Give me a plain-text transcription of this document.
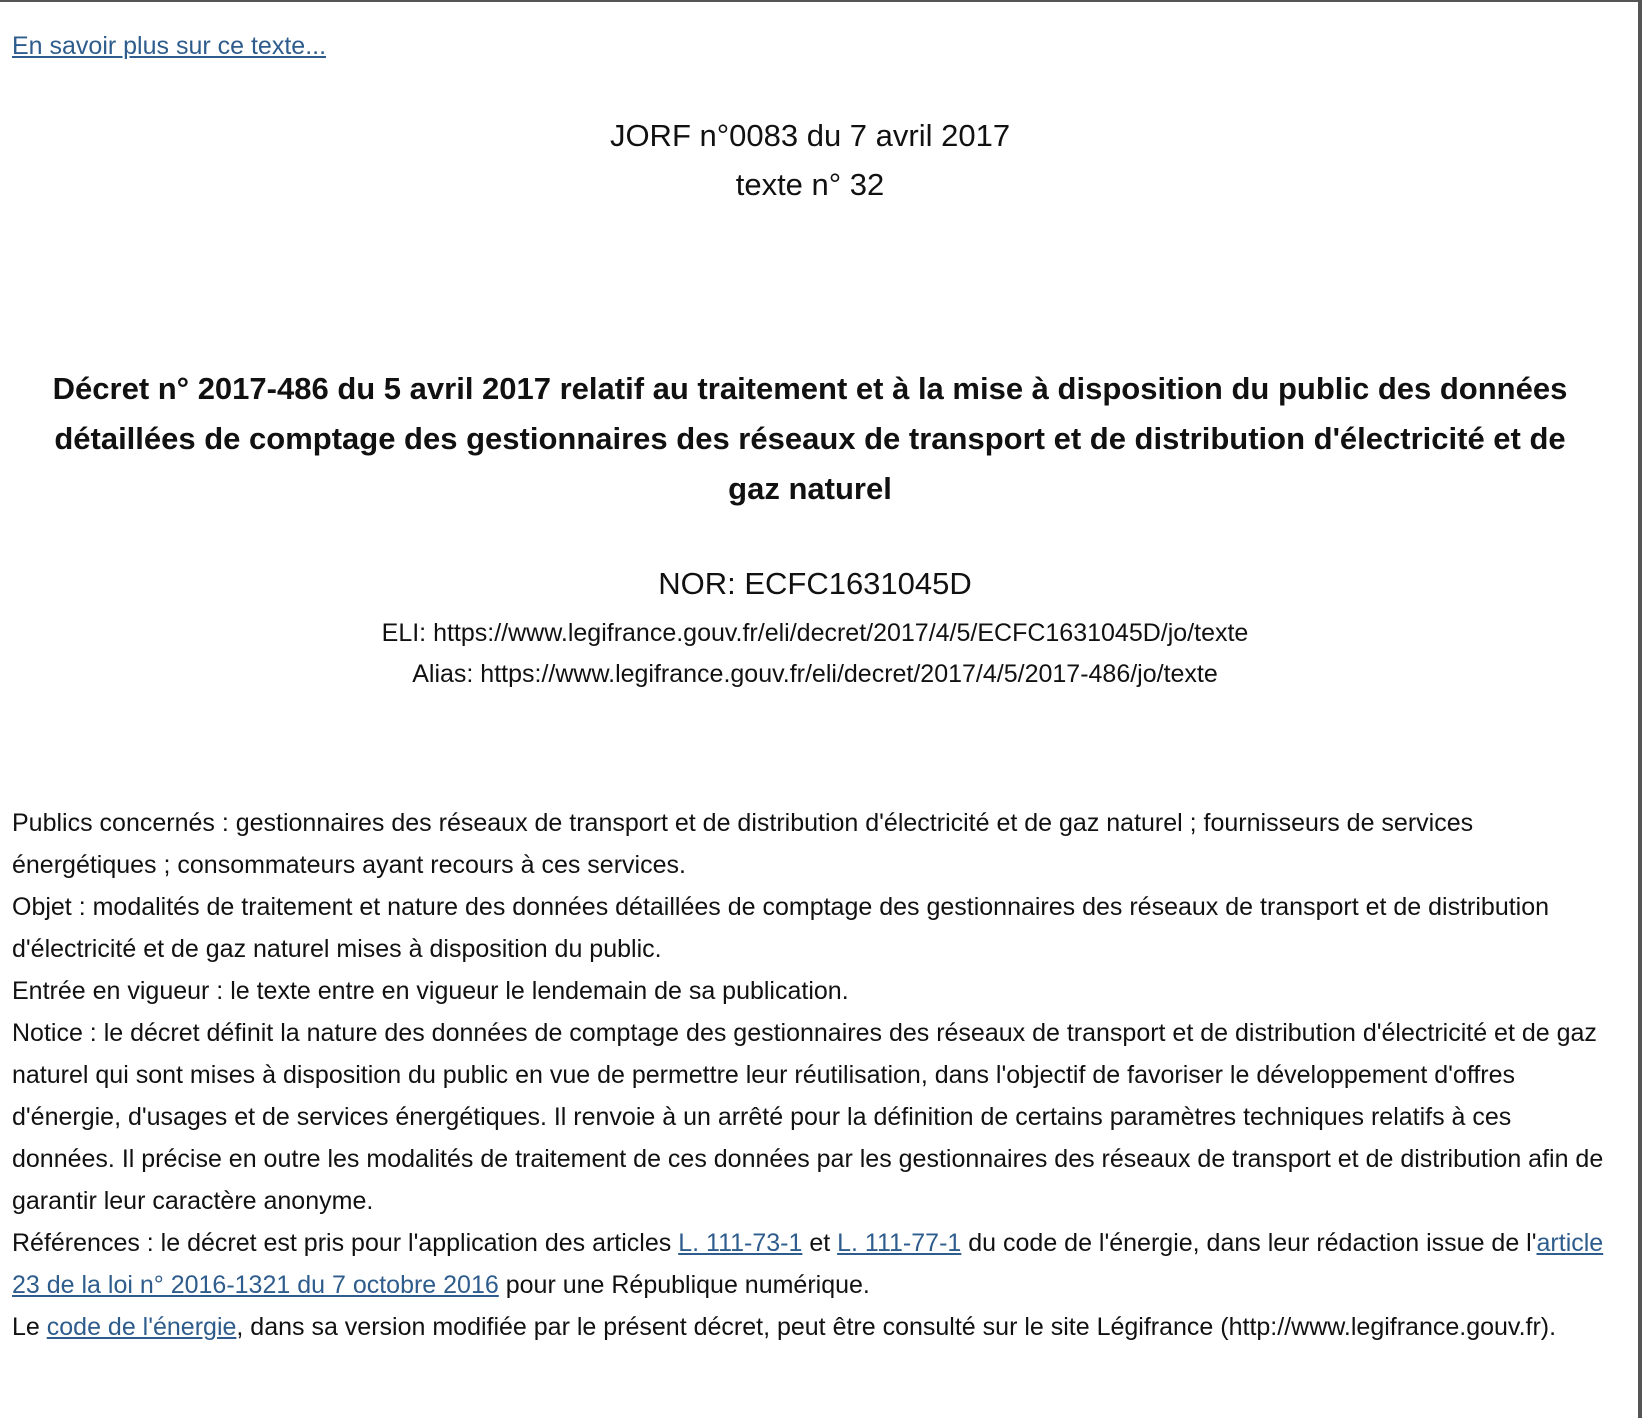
En savoir plus sur ce texte...
JORF n°0083 du 7 avril 2017
texte n° 32
Décret n° 2017-486 du 5 avril 2017 relatif au traitement et à la mise à disposition du public des données détaillées de comptage des gestionnaires des réseaux de transport et de distribution d'électricité et de gaz naturel
NOR: ECFC1631045D
ELI: https://www.legifrance.gouv.fr/eli/decret/2017/4/5/ECFC1631045D/jo/texte
Alias: https://www.legifrance.gouv.fr/eli/decret/2017/4/5/2017-486/jo/texte

Publics concernés : gestionnaires des réseaux de transport et de distribution d'électricité et de gaz naturel ; fournisseurs de services énergétiques ; consommateurs ayant recours à ces services.

Objet : modalités de traitement et nature des données détaillées de comptage des gestionnaires des réseaux de transport et de distribution d'électricité et de gaz naturel mises à disposition du public.

Entrée en vigueur : le texte entre en vigueur le lendemain de sa publication.

Notice : le décret définit la nature des données de comptage des gestionnaires des réseaux de transport et de distribution d'électricité et de gaz naturel qui sont mises à disposition du public en vue de permettre leur réutilisation, dans l'objectif de favoriser le développement d'offres d'énergie, d'usages et de services énergétiques. Il renvoie à un arrêté pour la définition de certains paramètres techniques relatifs à ces données. Il précise en outre les modalités de traitement de ces données par les gestionnaires des réseaux de transport et de distribution afin de garantir leur caractère anonyme.

Références : le décret est pris pour l'application des articles L. 111-73-1 et L. 111-77-1 du code de l'énergie, dans leur rédaction issue de l'article 23 de la loi n° 2016-1321 du 7 octobre 2016 pour une République numérique.

Le code de l'énergie, dans sa version modifiée par le présent décret, peut être consulté sur le site Légifrance (http://www.legifrance.gouv.fr).
